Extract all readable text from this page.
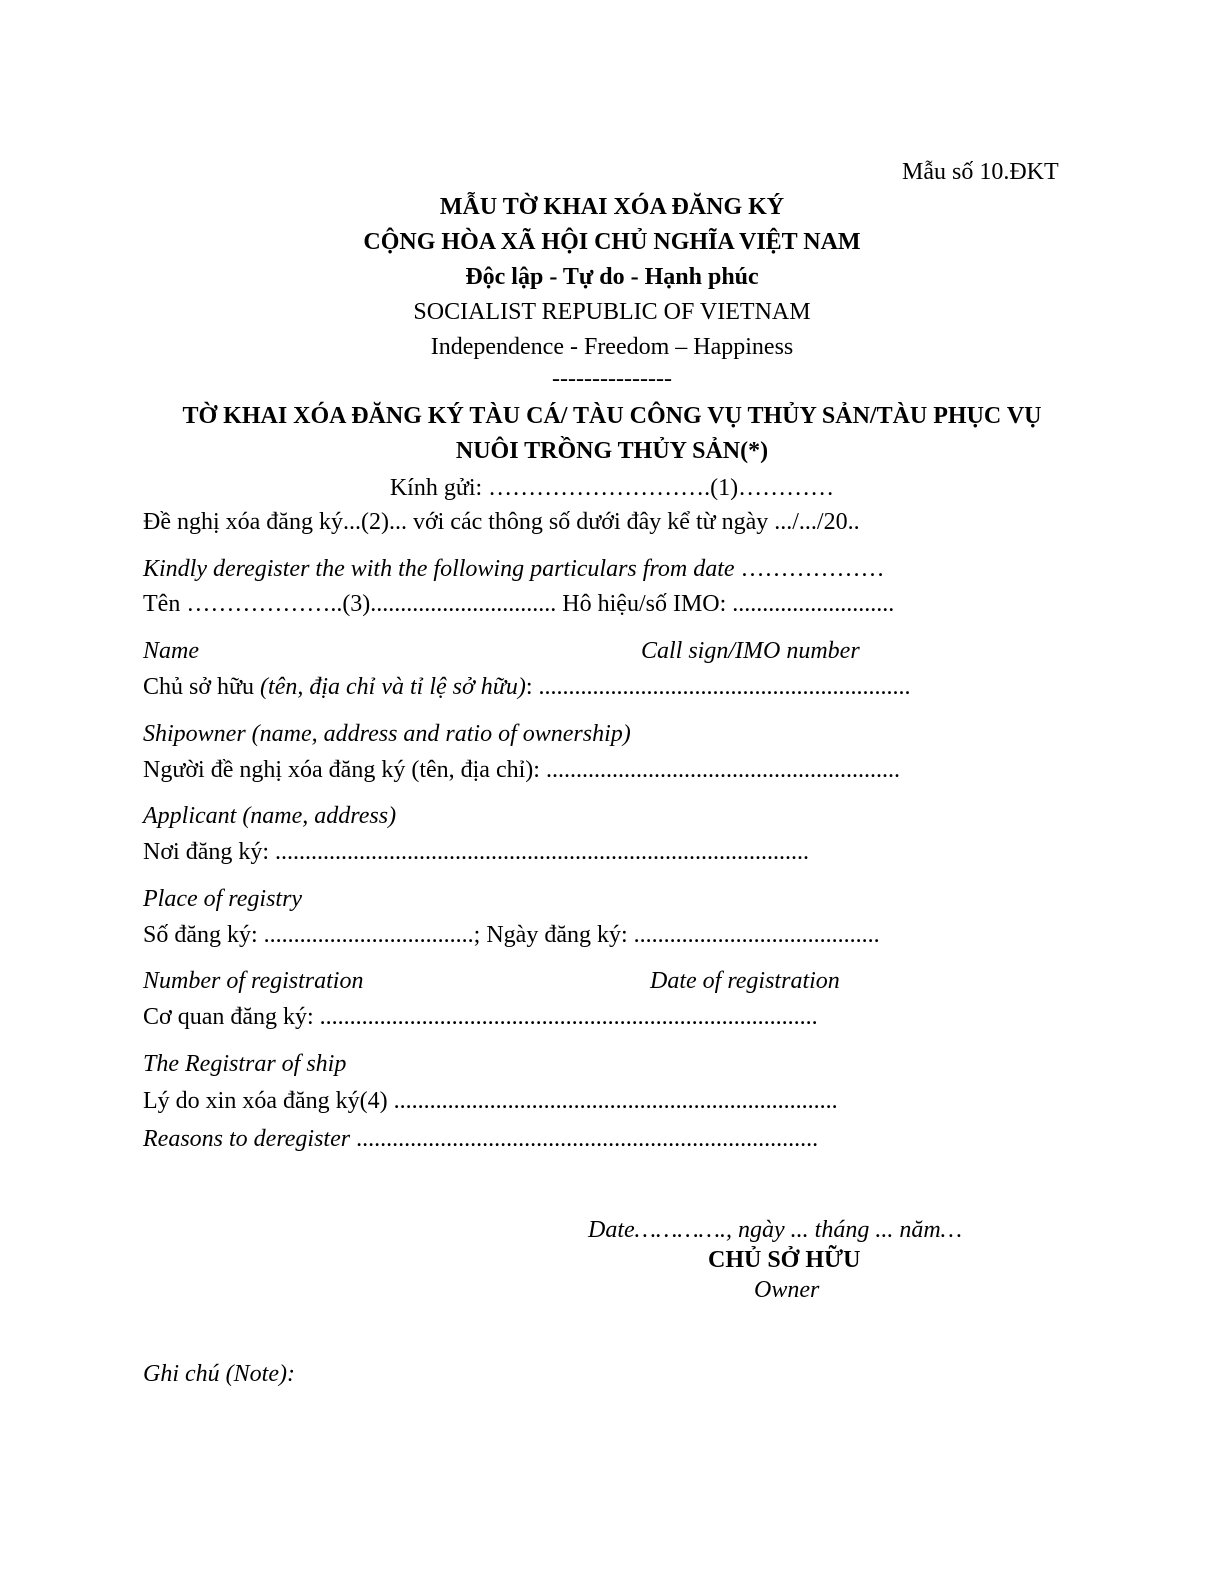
Mẫu số 10.ĐKT
MẪU TỜ KHAI XÓA ĐĂNG KÝ
CỘNG HÒA XÃ HỘI CHỦ NGHĨA VIỆT NAM
Độc lập - Tự do - Hạnh phúc
SOCIALIST REPUBLIC OF VIETNAM
Independence - Freedom – Happiness
---------------
TỜ KHAI XÓA ĐĂNG KÝ TÀU CÁ/ TÀU CÔNG VỤ THỦY SẢN/TÀU PHỤC VỤ
NUÔI TRỒNG THỦY SẢN(*)
Kính gửi: ……………………….(1)…………
Đề nghị xóa đăng ký...(2)... với các thông số dưới đây kể từ ngày .../.../20..
Kindly deregister the with the following particulars from date ………………
Tên ………………..(3)............................... Hô hiệu/số IMO: ...........................
Name	Call sign/IMO number
Chủ sở hữu (tên, địa chỉ và tỉ lệ sở hữu): ..............................................................
Shipowner (name, address and ratio of ownership)
Người đề nghị xóa đăng ký (tên, địa chỉ): ...........................................................
Applicant (name, address)
Nơi đăng ký: .........................................................................................
Place of registry
Số đăng ký: ...................................; Ngày đăng ký: .........................................
Number of registration	Date of registration
Cơ quan đăng ký: ...................................................................................
The Registrar of ship
Lý do xin xóa đăng ký(4) ..........................................................................
Reasons to deregister .............................................................................
Date…………., ngày ... tháng ... năm…
CHỦ SỞ HỮU
Owner
Ghi chú (Note):
